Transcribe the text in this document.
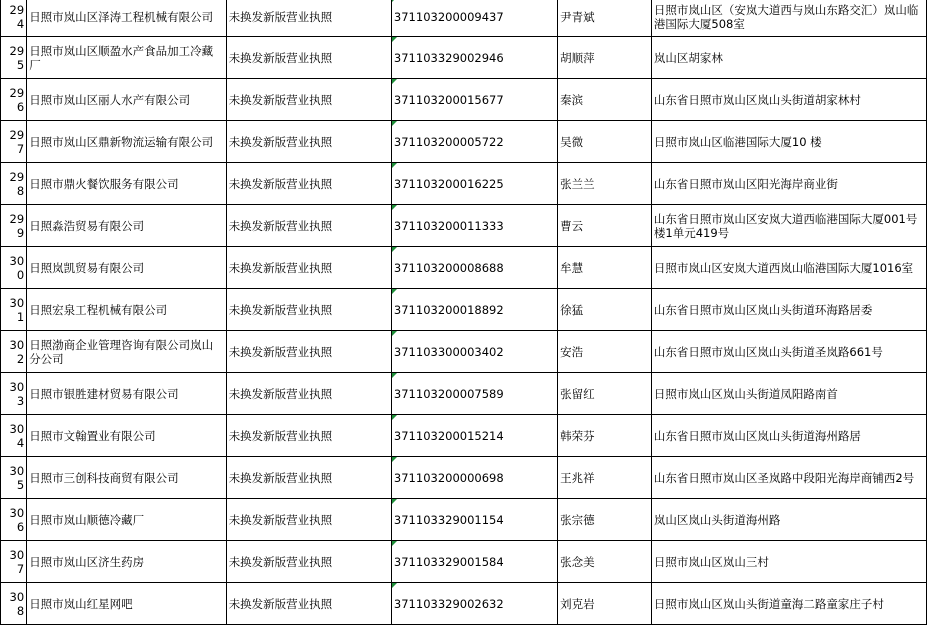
294	日照市岚山区泽涛工程机械有限公司	未换发新版营业执照	371103200009437	尹青斌	日照市岚山区（安岚大道西与岚山东路交汇）岚山临港国际大厦508室
295	日照市岚山区顺盈水产食品加工冷藏厂	未换发新版营业执照	371103329002946	胡顺萍	岚山区胡家林
296	日照市岚山区丽人水产有限公司	未换发新版营业执照	371103200015677	秦滨	山东省日照市岚山区岚山头街道胡家林村
297	日照市岚山区鼎新物流运输有限公司	未换发新版营业执照	371103200005722	吴微	日照市岚山区临港国际大厦10 楼
298	日照市鼎火餐饮服务有限公司	未换发新版营业执照	371103200016225	张兰兰	山东省日照市岚山区阳光海岸商业街
299	日照淼浩贸易有限公司	未换发新版营业执照	371103200011333	曹云	山东省日照市岚山区安岚大道西临港国际大厦001号楼1单元419号
300	日照岚凯贸易有限公司	未换发新版营业执照	371103200008688	牟慧	日照市岚山区安岚大道西岚山临港国际大厦1016室
301	日照宏泉工程机械有限公司	未换发新版营业执照	371103200018892	徐猛	山东省日照市岚山区岚山头街道环海路居委
302	日照渤商企业管理咨询有限公司岚山分公司	未换发新版营业执照	371103300003402	安浩	山东省日照市岚山区岚山头街道圣岚路661号
303	日照市银胜建材贸易有限公司	未换发新版营业执照	371103200007589	张留红	日照市岚山区岚山头街道凤阳路南首
304	日照市文翰置业有限公司	未换发新版营业执照	371103200015214	韩荣芬	山东省日照市岚山区岚山头街道海州路居
305	日照市三创科技商贸有限公司	未换发新版营业执照	371103200000698	王兆祥	山东省日照市岚山区圣岚路中段阳光海岸商铺西2号
306	日照市岚山顺德冷藏厂	未换发新版营业执照	371103329001154	张宗德	岚山区岚山头街道海州路
307	日照市岚山区济生药房	未换发新版营业执照	371103329001584	张念美	日照市岚山区岚山三村
308	日照市岚山红星网吧	未换发新版营业执照	371103329002632	刘克岩	日照市岚山区岚山头街道童海二路童家庄子村
